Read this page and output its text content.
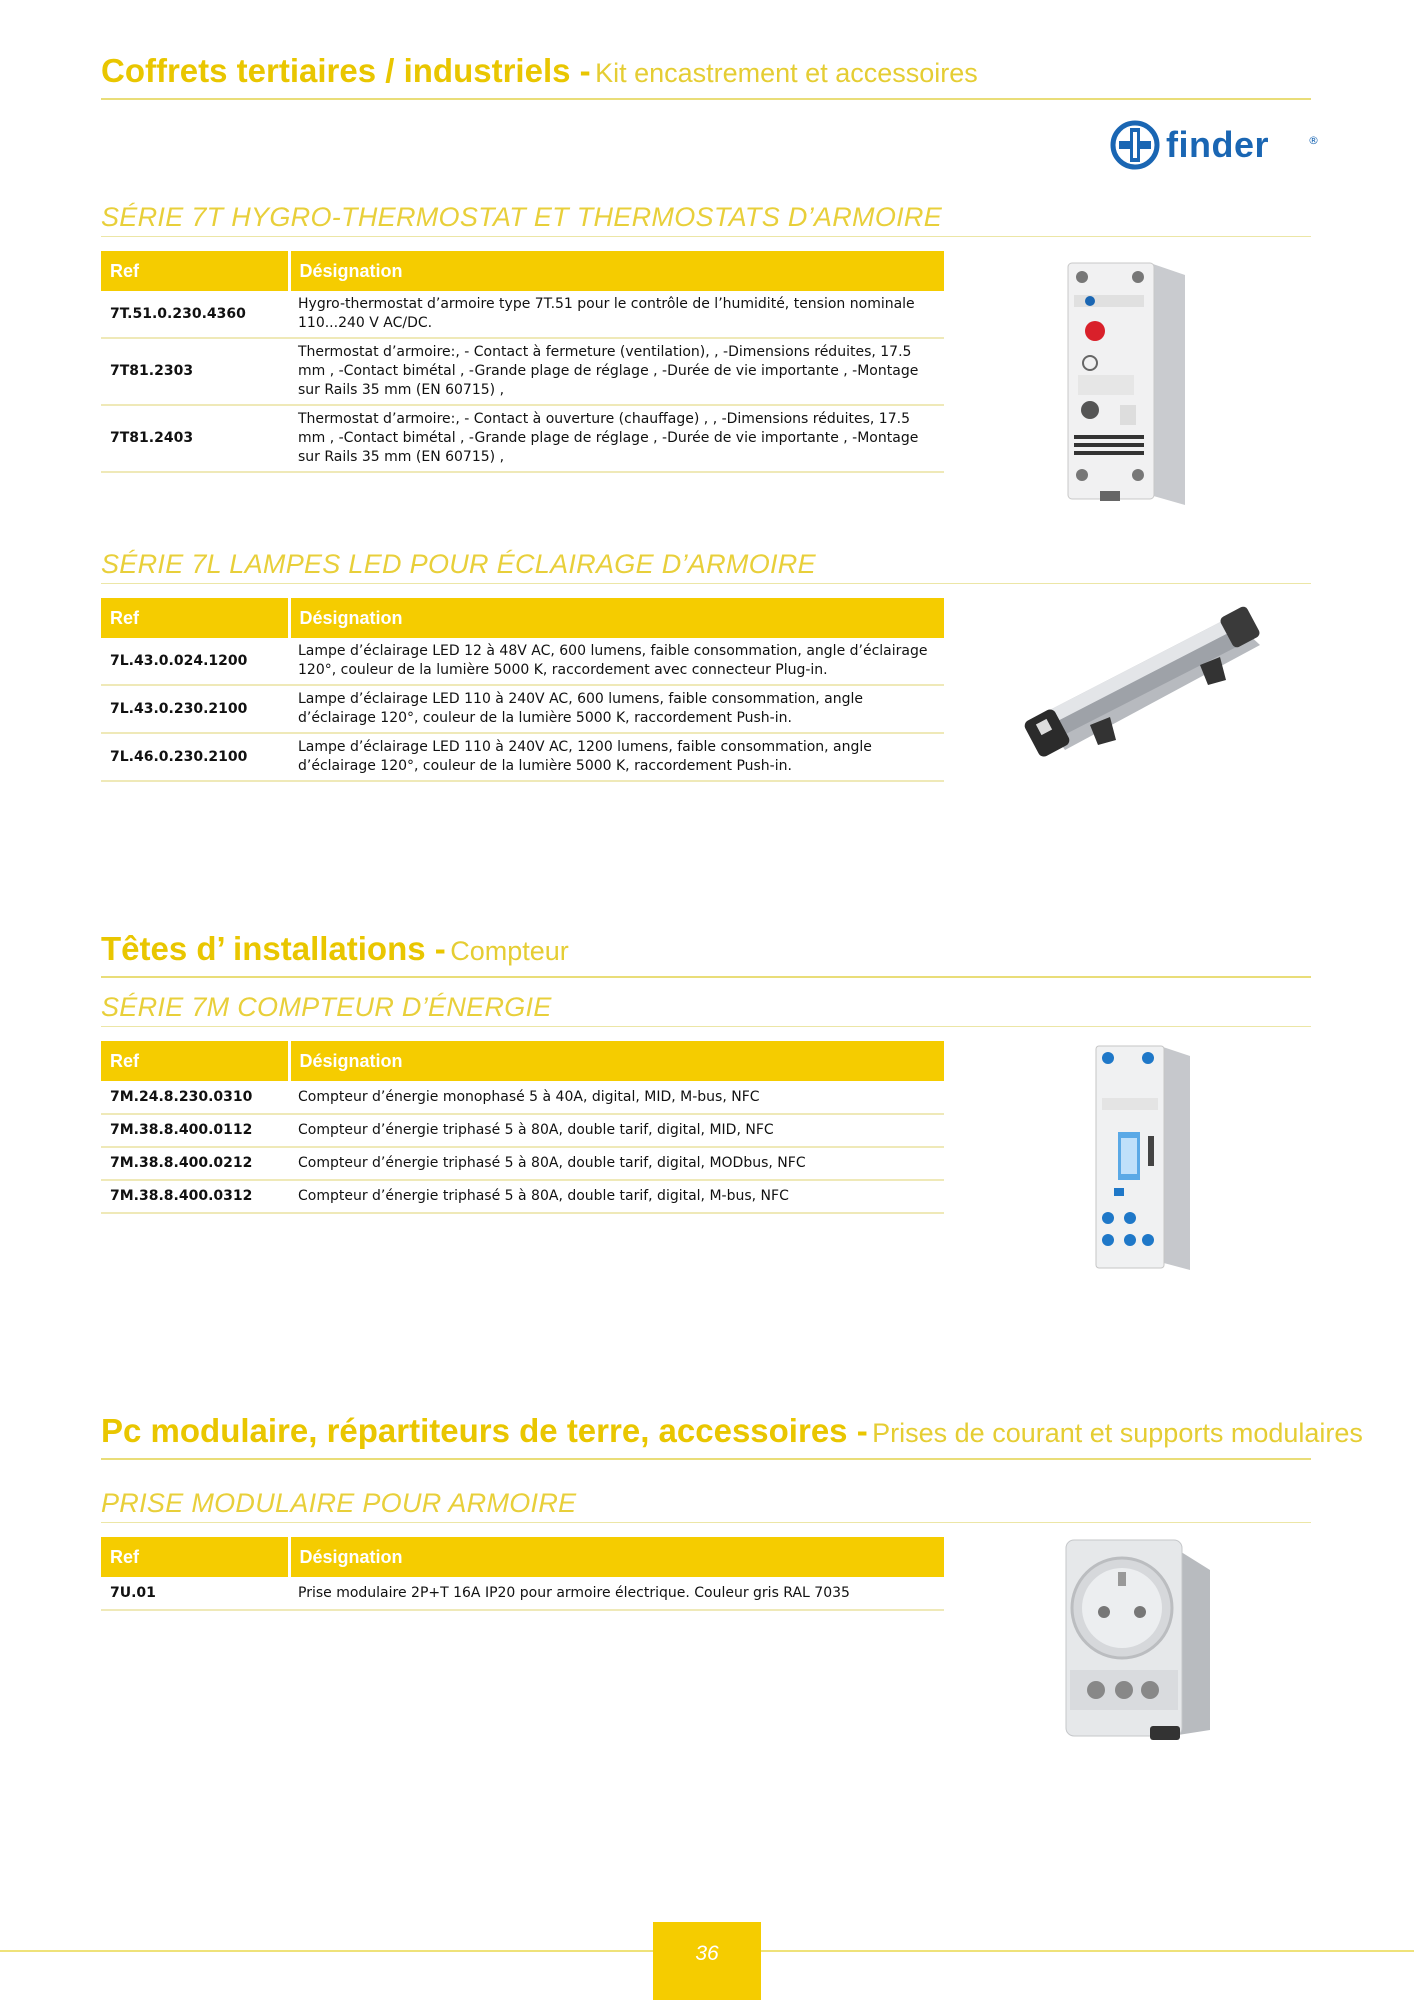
Coffrets tertiaires / industriels - Kit encastrement et accessoires
finder	®
SÉRIE 7T HYGRO-THERMOSTAT ET THERMOSTATS D’ARMOIRE
Ref	Désignation
7T.51.0.230.4360	Hygro-thermostat d’armoire type 7T.51 pour le contrôle de l’humidité, tension nominale 110...240 V AC/DC.
7T81.2303	Thermostat d’armoire:, - Contact à fermeture (ventilation), , -Dimensions réduites, 17.5 mm , -Contact bimétal , -Grande plage de réglage , -Durée de vie importante , -Montage sur Rails 35 mm (EN 60715) ,
7T81.2403	Thermostat d’armoire:, - Contact à ouverture (chauffage) , , -Dimensions réduites, 17.5 mm , -Contact bimétal , -Grande plage de réglage , -Durée de vie importante , -Montage sur Rails 35 mm (EN 60715) ,
SÉRIE 7L LAMPES LED POUR ÉCLAIRAGE D’ARMOIRE
Ref	Désignation
7L.43.0.024.1200	Lampe d’éclairage LED 12 à 48V AC, 600 lumens, faible consommation, angle d’éclairage 120°, couleur de la lumière 5000 K, raccordement avec connecteur Plug-in.
7L.43.0.230.2100	Lampe d’éclairage LED 110 à 240V AC, 600 lumens, faible consommation, angle d’éclairage 120°, couleur de la lumière 5000 K, raccordement Push-in.
7L.46.0.230.2100	Lampe d’éclairage LED 110 à 240V AC, 1200 lumens, faible consommation, angle d’éclairage 120°, couleur de la lumière 5000 K, raccordement Push-in.
Têtes d’ installations - Compteur
SÉRIE 7M COMPTEUR D’ÉNERGIE
Ref	Désignation
7M.24.8.230.0310	Compteur d’énergie monophasé 5 à 40A, digital, MID, M-bus, NFC
7M.38.8.400.0112	Compteur d’énergie triphasé 5 à 80A, double tarif, digital, MID, NFC
7M.38.8.400.0212	Compteur d’énergie triphasé 5 à 80A, double tarif, digital, MODbus, NFC
7M.38.8.400.0312	Compteur d’énergie triphasé 5 à 80A, double tarif, digital, M-bus, NFC
Pc modulaire, répartiteurs de terre, accessoires - Prises de courant et supports modulaires
PRISE MODULAIRE POUR ARMOIRE
Ref	Désignation
7U.01	Prise modulaire 2P+T 16A IP20 pour armoire électrique. Couleur gris RAL 7035
36
